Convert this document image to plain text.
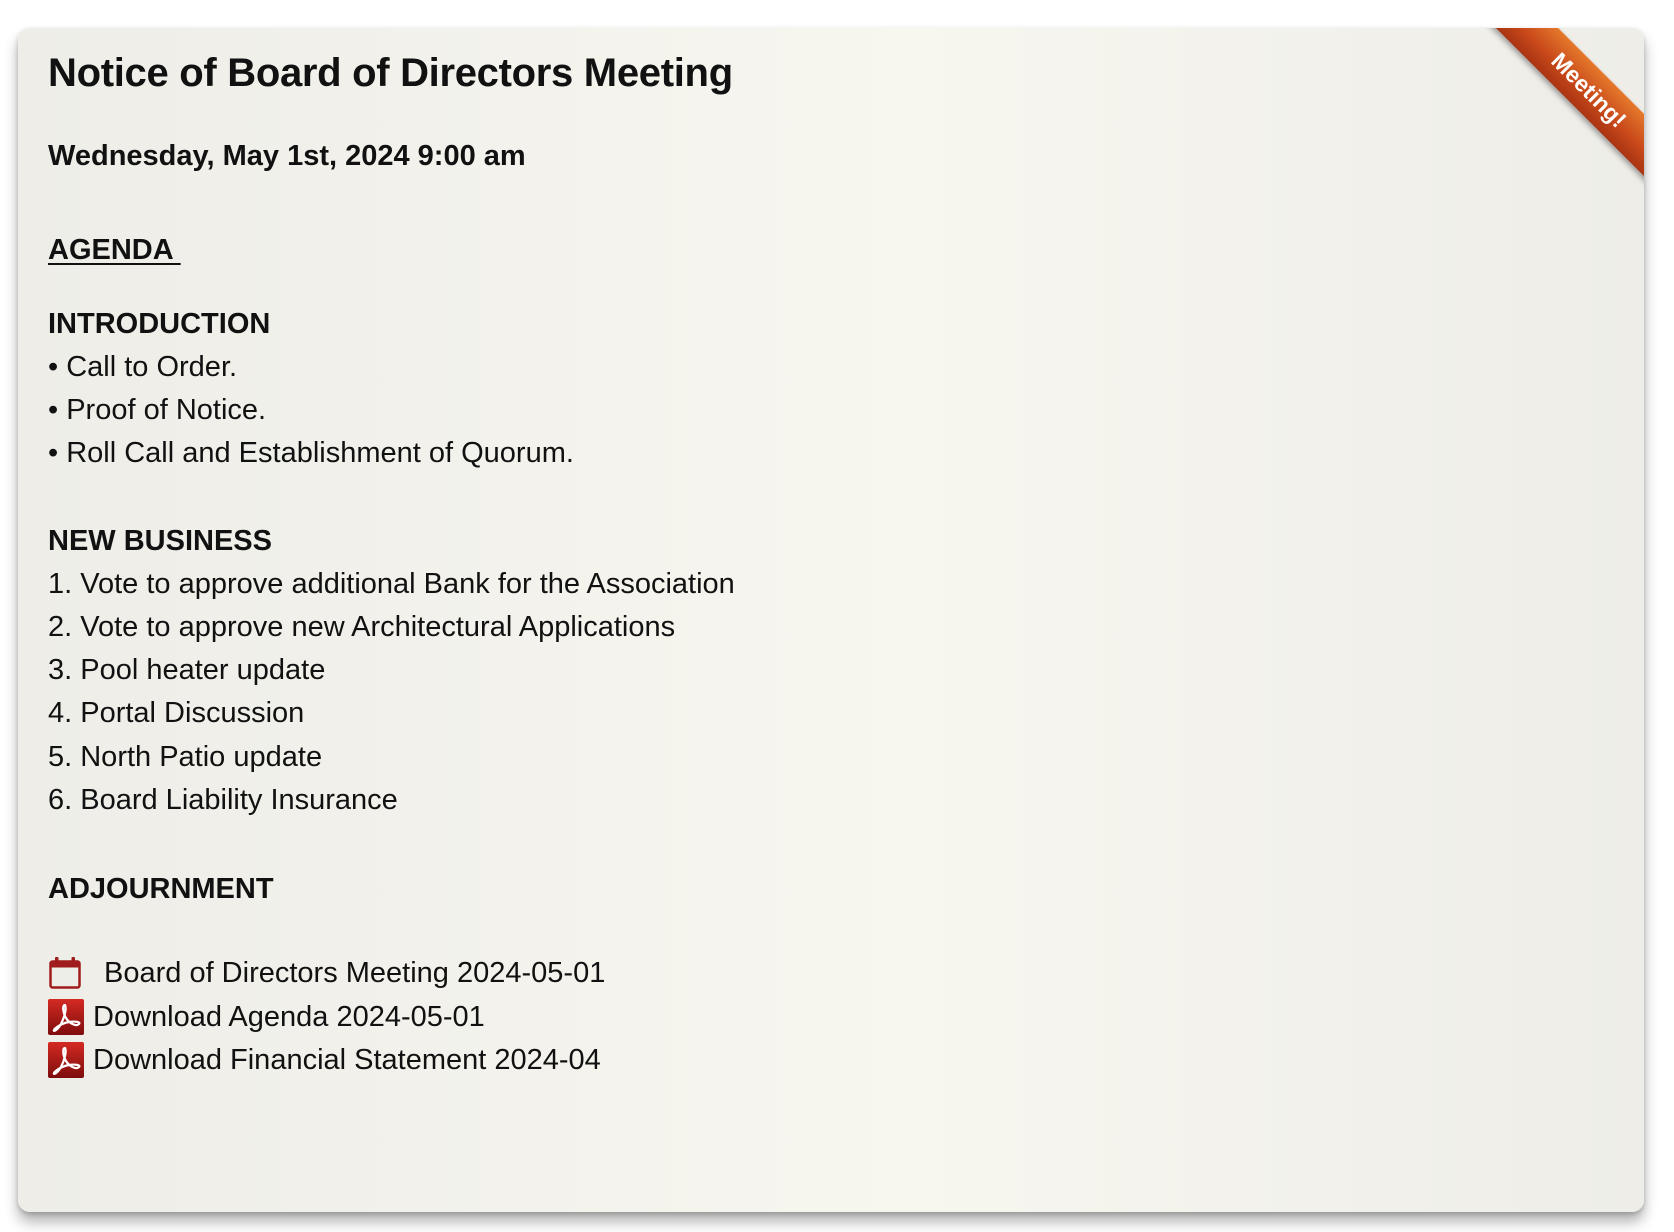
Meeting!
Notice of Board of Directors Meeting
Wednesday, May 1st, 2024 9:00 am
AGENDA
INTRODUCTION
• Call to Order.
• Proof of Notice.
• Roll Call and Establishment of Quorum.
NEW BUSINESS
1. Vote to approve additional Bank for the Association
2. Vote to approve new Architectural Applications
3. Pool heater update
4. Portal Discussion
5. North Patio update
6. Board Liability Insurance
ADJOURNMENT
Board of Directors Meeting 2024-05-01
Download Agenda 2024-05-01
Download Financial Statement 2024-04
